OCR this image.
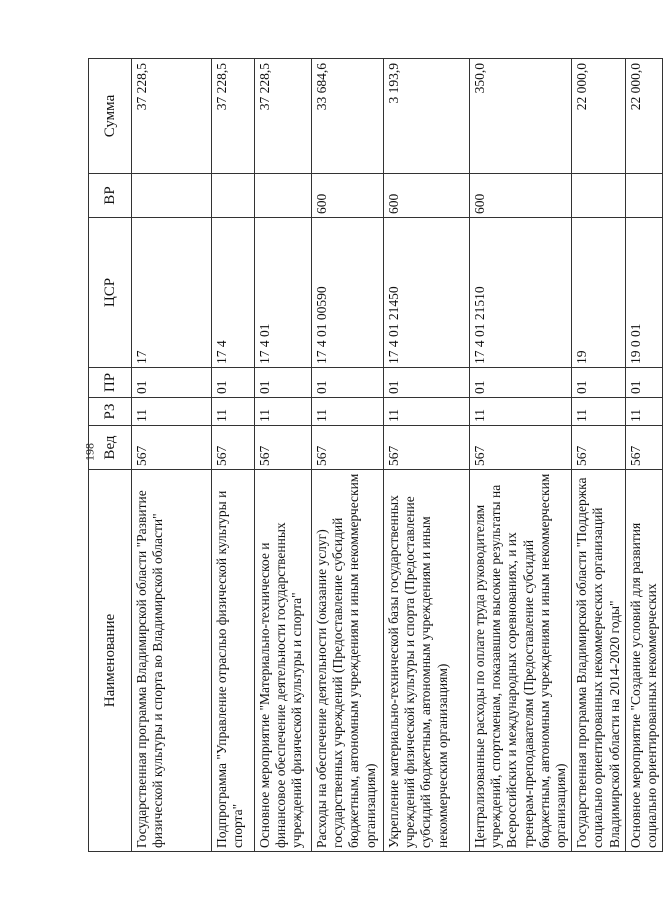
198
Наименование	Вед	РЗ	ПР	ЦСР	ВР	Сумма
Государственная программа Владимирской области "Развитие физической культуры и спорта во Владимирской области"	567	11	01	17		37 228,5
Подпрограмма "Управление отраслью физической культуры и спорта"	567	11	01	17 4		37 228,5
Основное мероприятие "Материально-техническое и финансовое обеспечение деятельности государственных учреждений физической культуры и спорта"	567	11	01	17 4 01		37 228,5
Расходы на обеспечение деятельности (оказание услуг) государственных учреждений (Предоставление субсидий бюджетным, автономным учреждениям и иным некоммерческим организациям)	567	11	01	17 4 01 00590	600	33 684,6
Укрепление материально-технической базы государственных учреждений физической культуры и спорта (Предоставление субсидий бюджетным, автономным учреждениям и иным некоммерческим организациям)	567	11	01	17 4 01 21450	600	3 193,9
Централизованные расходы по оплате труда руководителям учреждений, спортсменам, показавшим высокие результаты на Всероссийских и международных соревнованиях, и их тренерам-преподавателям (Предоставление субсидий бюджетным, автономным учреждениям и иным некоммерческим организациям)	567	11	01	17 4 01 21510	600	350,0
Государственная программа Владимирской области "Поддержка социально ориентированных некоммерческих организаций Владимирской области на 2014-2020 годы"	567	11	01	19		22 000,0
Основное мероприятие "Создание условий для развития социально ориентированных некоммерческих	567	11	01	19 0 01		22 000,0
